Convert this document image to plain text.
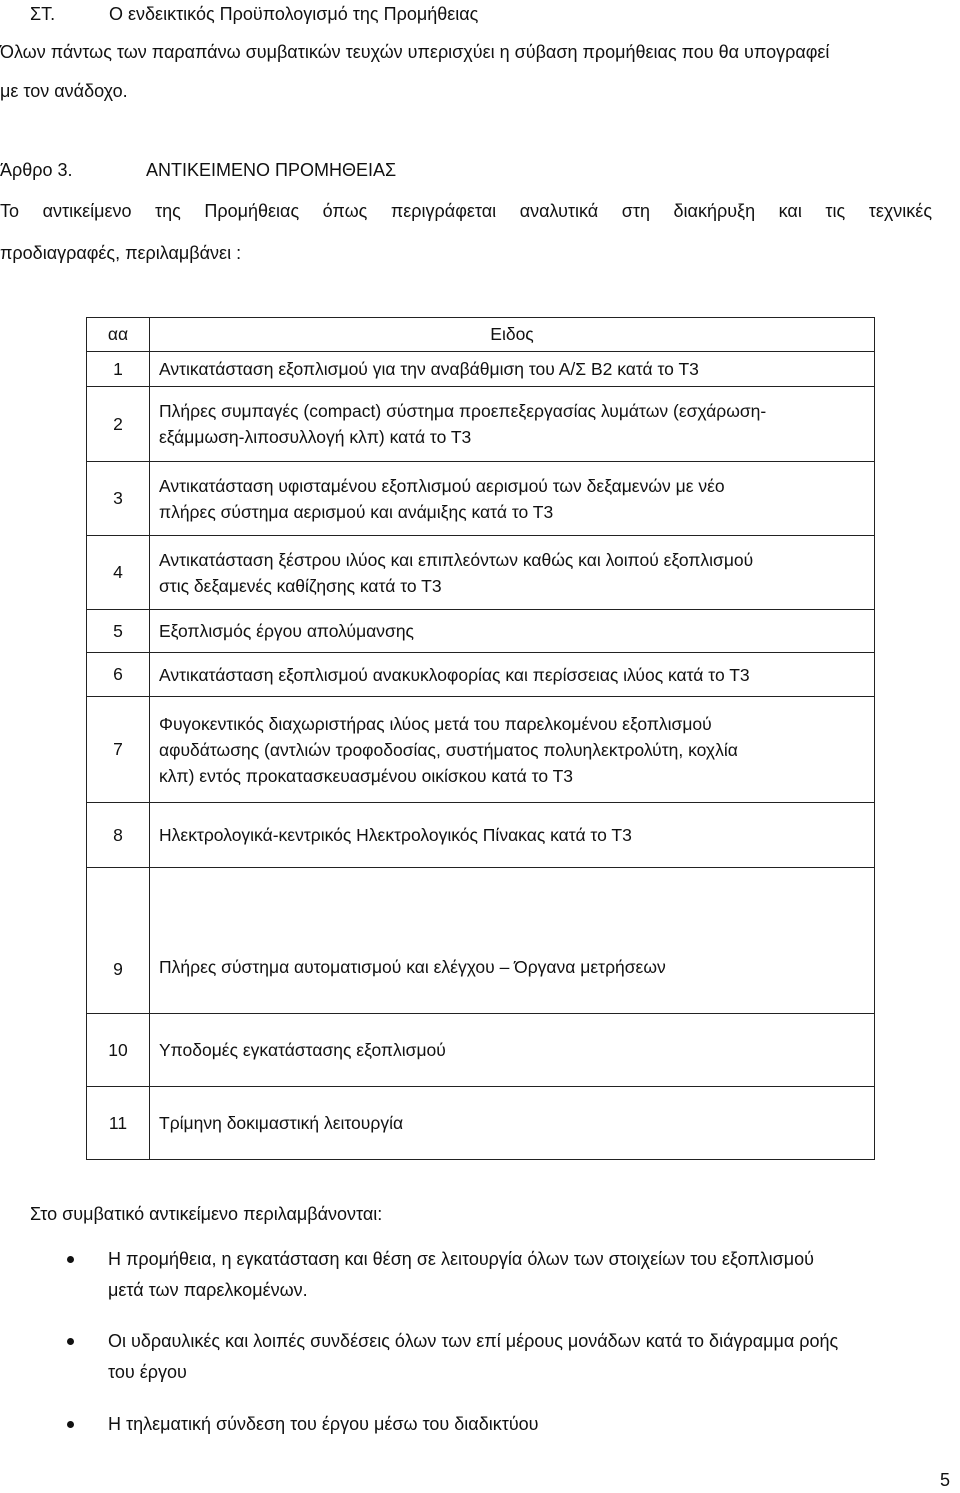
ΣΤ.	Ο ενδεικτικός Προϋπολογισμό της Προμήθειας
Όλων πάντως των παραπάνω συμβατικών τευχών υπερισχύει η σύβαση προμήθειας που θα υπογραφεί
με τον ανάδοχο.
Άρθρο 3.	ΑΝΤΙΚΕΙΜΕΝΟ ΠΡΟΜΗΘΕΙΑΣ
Το αντικείμενο της Προμήθειας όπως περιγράφεται αναλυτικά στη διακήρυξη και τις τεχνικές
προδιαγραφές, περιλαμβάνει :
αα	Ειδος
1	Αντικατάσταση εξοπλισμού για την αναβάθμιση του Α/Σ Β2 κατά το Τ3

2	Πλήρες συμπαγές (compact) σύστημα προεπεξεργασίας λυμάτων (εσχάρωση-
εξάμμωση-λιποσυλλογή κλπ) κατά το Τ3

3	Αντικατάσταση υφισταμένου εξοπλισμού αερισμού των δεξαμενών με νέο
πλήρες σύστημα αερισμού και ανάμιξης κατά το Τ3

4	Αντικατάσταση ξέστρου ιλύος και επιπλεόντων καθώς και λοιπού εξοπλισμού
στις δεξαμενές καθίζησης κατά το Τ3

5	Εξοπλισμός έργου απολύμανσης

6	Αντικατάσταση εξοπλισμού ανακυκλοφορίας και περίσσειας ιλύος κατά το Τ3

7	Φυγοκεντικός διαχωριστήρας ιλύος μετά του παρελκομένου εξοπλισμού
αφυδάτωσης (αντλιών τροφοδοσίας, συστήματος πολυηλεκτρολύτη, κοχλία
κλπ) εντός προκατασκευασμένου οικίσκου κατά το Τ3

8	Ηλεκτρολογικά-κεντρικός Ηλεκτρολογικός Πίνακας κατά το Τ3

9	Πλήρες σύστημα αυτοματισμού και ελέγχου – Όργανα μετρήσεων

10	Υποδομές εγκατάστασης εξοπλισμού

11	Τρίμηνη δοκιμαστική λειτουργία
Στο συμβατικό αντικείμενο περιλαμβάνονται:
Η προμήθεια, η εγκατάσταση και θέση σε λειτουργία όλων των στοιχείων του εξοπλισμού
μετά των παρελκομένων.
Οι υδραυλικές και λοιπές συνδέσεις όλων των επί μέρους μονάδων κατά το διάγραμμα ροής
του έργου
Η τηλεματική σύνδεση του έργου μέσω του διαδικτύου
5
